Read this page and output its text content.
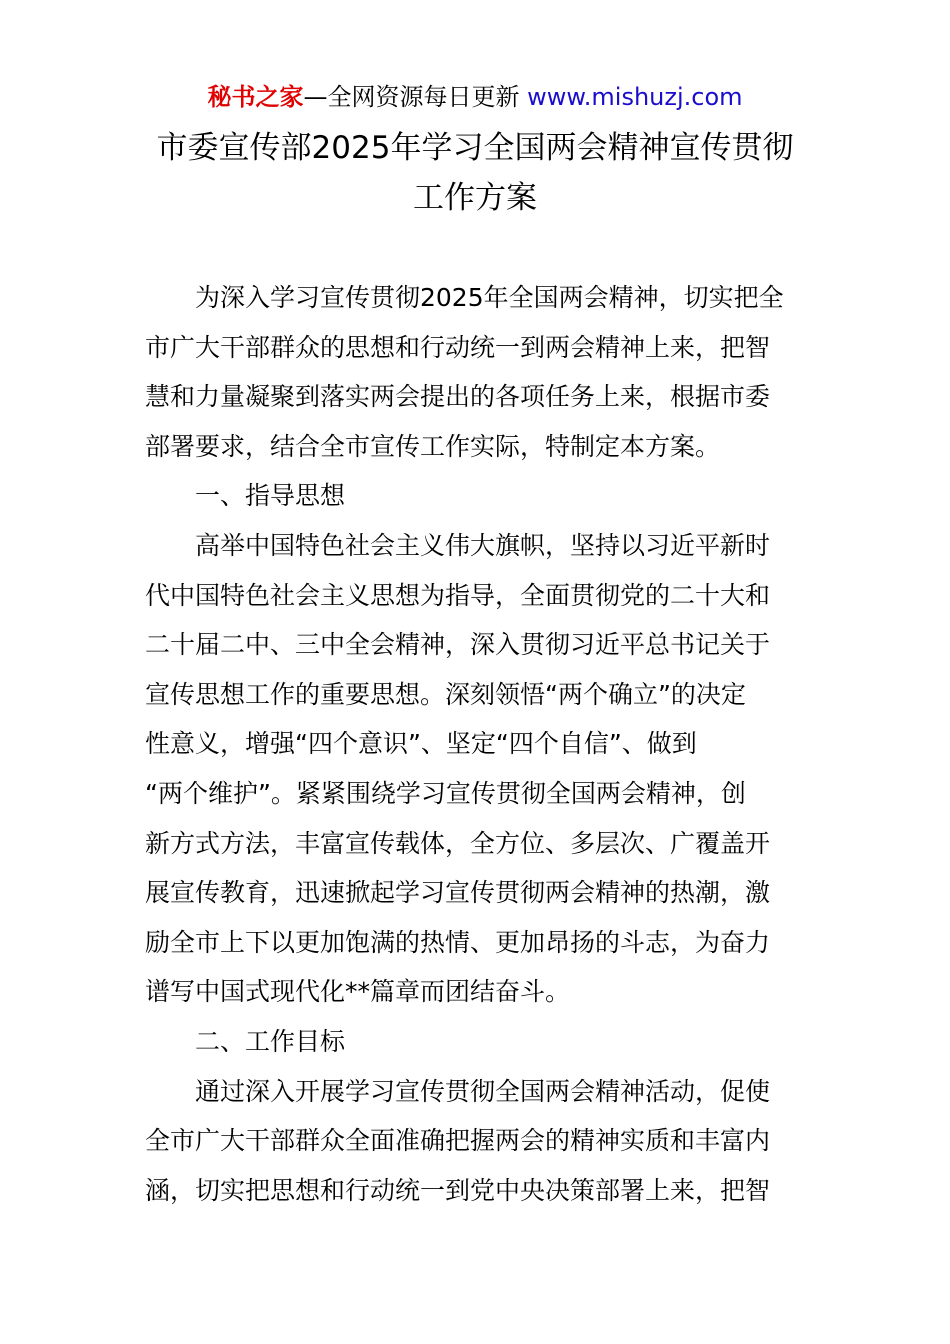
秘书之家—全网资源每日更新 www.mishuzj.com
市委宣传部2025年学习全国两会精神宣传贯彻
工作方案
为深入学习宣传贯彻2025年全国两会精神，切实把全
市广大干部群众的思想和行动统一到两会精神上来，把智
慧和力量凝聚到落实两会提出的各项任务上来，根据市委
部署要求，结合全市宣传工作实际，特制定本方案。
一、指导思想
高举中国特色社会主义伟大旗帜，坚持以习近平新时
代中国特色社会主义思想为指导，全面贯彻党的二十大和
二十届二中、三中全会精神，深入贯彻习近平总书记关于
宣传思想工作的重要思想。深刻领悟“两个确立”的决定
性意义，增强“四个意识”、坚定“四个自信”、做到
“两个维护”。紧紧围绕学习宣传贯彻全国两会精神，创
新方式方法，丰富宣传载体，全方位、多层次、广覆盖开
展宣传教育，迅速掀起学习宣传贯彻两会精神的热潮，激
励全市上下以更加饱满的热情、更加昂扬的斗志，为奋力
谱写中国式现代化**篇章而团结奋斗。
二、工作目标
通过深入开展学习宣传贯彻全国两会精神活动，促使
全市广大干部群众全面准确把握两会的精神实质和丰富内
涵，切实把思想和行动统一到党中央决策部署上来，把智
